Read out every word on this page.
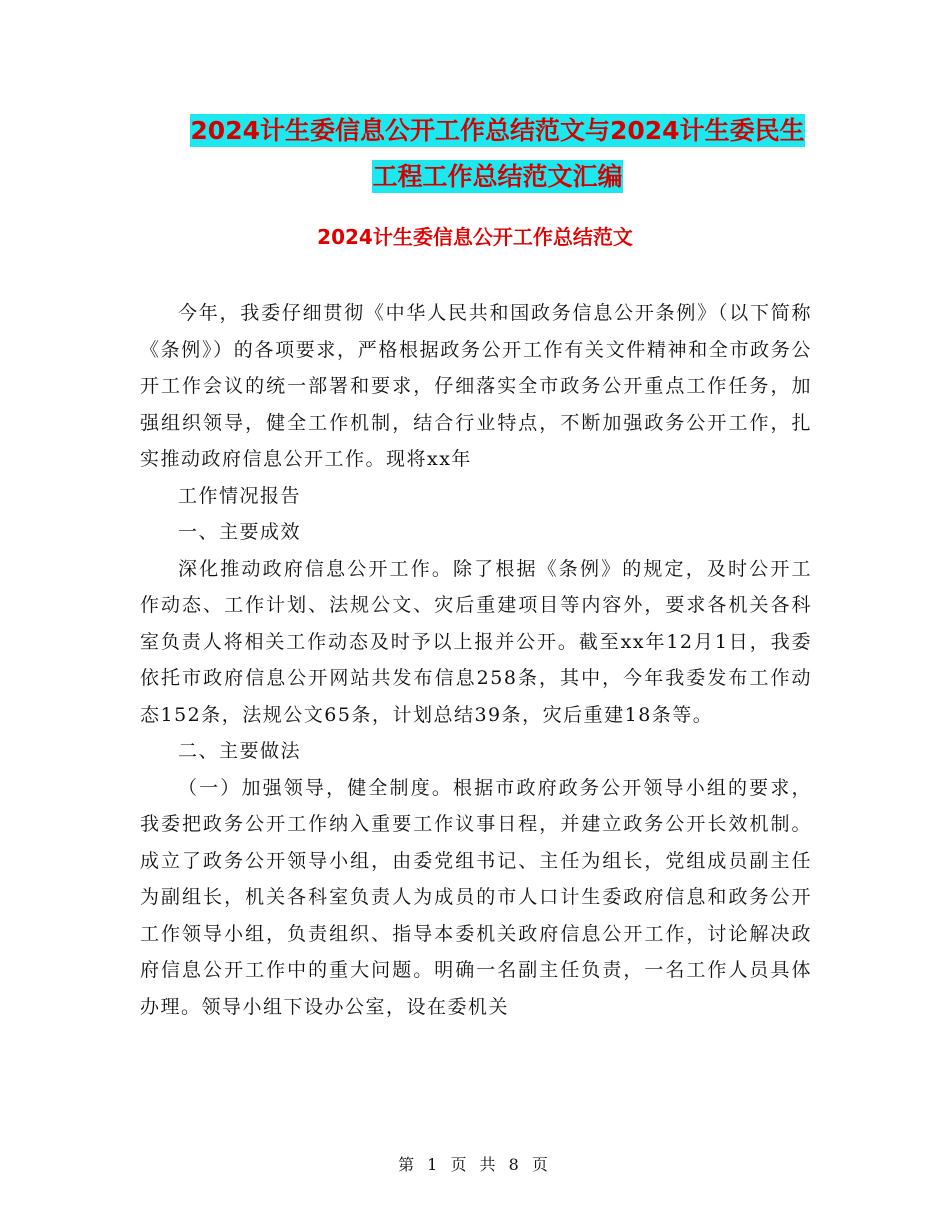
2024计生委信息公开工作总结范文与2024计生委民生
工程工作总结范文汇编
2024计生委信息公开工作总结范文

今年，我委仔细贯彻《中华人民共和国政务信息公开条例》（以下简称《条例》）的各项要求，严格根据政务公开工作有关文件精神和全市政务公开工作会议的统一部署和要求，仔细落实全市政务公开重点工作任务，加强组织领导，健全工作机制，结合行业特点，不断加强政务公开工作，扎实推动政府信息公开工作。现将xx年

工作情况报告

一、主要成效

深化推动政府信息公开工作。除了根据《条例》的规定，及时公开工作动态、工作计划、法规公文、灾后重建项目等内容外，要求各机关各科室负责人将相关工作动态及时予以上报并公开。截至xx年12月1日，我委依托市政府信息公开网站共发布信息258条，其中，今年我委发布工作动态152条，法规公文65条，计划总结39条，灾后重建18条等。

二、主要做法

（一）加强领导，健全制度。根据市政府政务公开领导小组的要求，我委把政务公开工作纳入重要工作议事日程，并建立政务公开长效机制。成立了政务公开领导小组，由委党组书记、主任为组长，党组成员副主任为副组长，机关各科室负责人为成员的市人口计生委政府信息和政务公开工作领导小组，负责组织、指导本委机关政府信息公开工作，讨论解决政府信息公开工作中的重大问题。明确一名副主任负责，一名工作人员具体办理。领导小组下设办公室，设在委机关

第 1 页 共 8 页
